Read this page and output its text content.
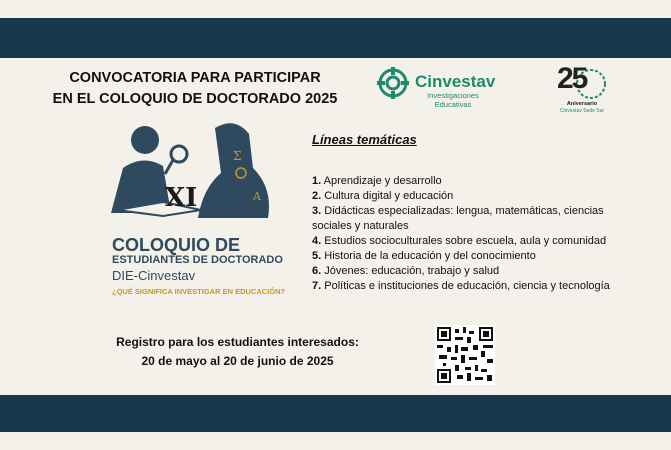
CONVOCATORIA PARA PARTICIPAR
EN EL COLOQUIO DE DOCTORADO 2025
Cinvestav
Investigaciones
Educativas
25
Aniversario
Cinvestav Sede Sur
Σ
A
XI
COLOQUIO DE
ESTUDIANTES DE DOCTORADO
DIE-Cinvestav
¿QUÉ SIGNIFICA INVESTIGAR EN EDUCACIÓN?
Líneas temáticas
1. Aprendizaje y desarrollo
2. Cultura digital y educación
3. Didácticas especializadas: lengua, matemáticas, ciencias sociales y naturales
4. Estudios socioculturales sobre escuela, aula y comunidad
5. Historia de la educación y del conocimiento
6. Jóvenes: educación, trabajo y salud
7. Políticas e instituciones de educación, ciencia y tecnología
Registro para los estudiantes interesados:
20 de mayo al 20 de junio de 2025
